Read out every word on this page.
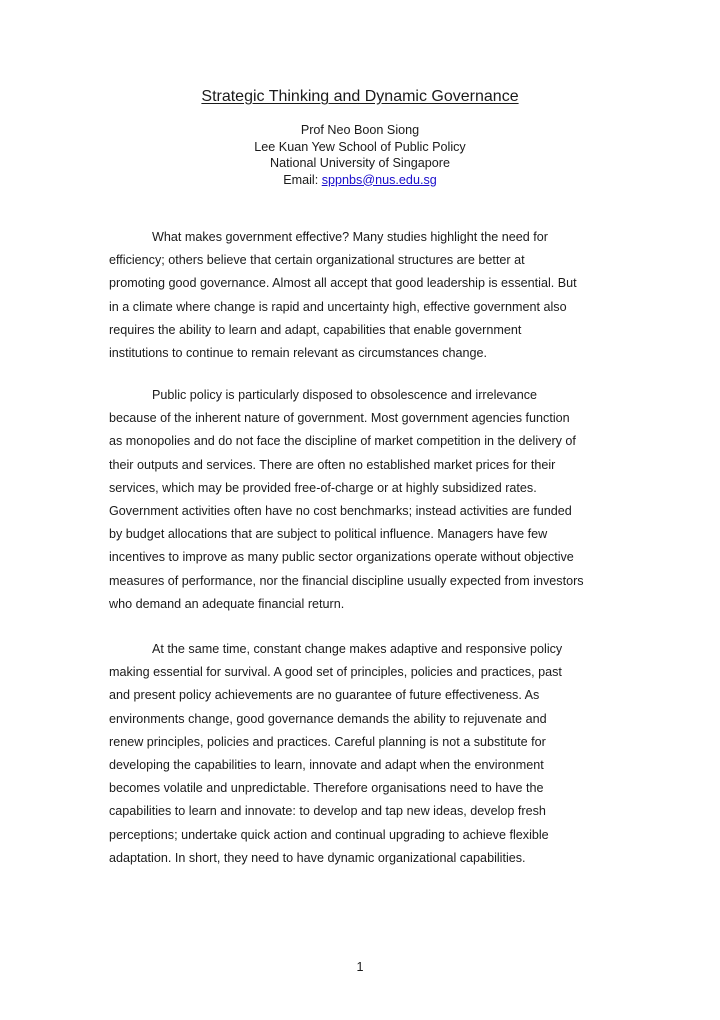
Strategic Thinking and Dynamic Governance
Prof Neo Boon Siong
Lee Kuan Yew School of Public Policy
National University of Singapore
Email: sppnbs@nus.edu.sg
What makes government effective? Many studies highlight the need for
efficiency; others believe that certain organizational structures are better at
promoting good governance. Almost all accept that good leadership is essential. But
in a climate where change is rapid and uncertainty high, effective government also
requires the ability to learn and adapt, capabilities that enable government
institutions to continue to remain relevant as circumstances change.
Public policy is particularly disposed to obsolescence and irrelevance
because of the inherent nature of government. Most government agencies function
as monopolies and do not face the discipline of market competition in the delivery of
their outputs and services. There are often no established market prices for their
services, which may be provided free-of-charge or at highly subsidized rates.
Government activities often have no cost benchmarks; instead activities are funded
by budget allocations that are subject to political influence. Managers have few
incentives to improve as many public sector organizations operate without objective
measures of performance, nor the financial discipline usually expected from investors
who demand an adequate financial return.
At the same time, constant change makes adaptive and responsive policy
making essential for survival. A good set of principles, policies and practices, past
and present policy achievements are no guarantee of future effectiveness. As
environments change, good governance demands the ability to rejuvenate and
renew principles, policies and practices. Careful planning is not a substitute for
developing the capabilities to learn, innovate and adapt when the environment
becomes volatile and unpredictable. Therefore organisations need to have the
capabilities to learn and innovate: to develop and tap new ideas, develop fresh
perceptions; undertake quick action and continual upgrading to achieve flexible
adaptation. In short, they need to have dynamic organizational capabilities.
1
